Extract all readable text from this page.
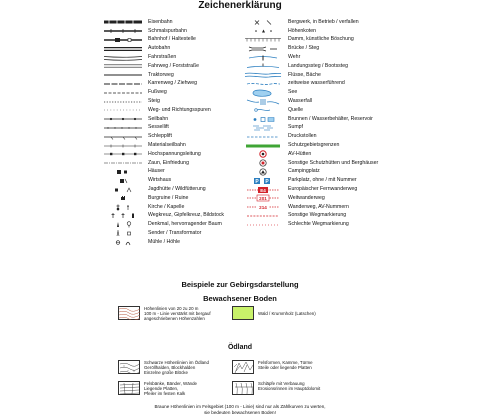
Zeichenerklärung
Eisenbahn
Schmalspurbahn
Bahnhof / Haltestelle
Autobahn
Fahrstraßen
Fahrweg / Forststraße
Traktorweg
Karrenweg / Ziehweg
Fußweg
Steig
Weg- und Richtungsspuren
Seilbahn
Sessellift
Schlepplift
Materialseilbahn
Hochspannungsleitung
Zaun, Einfriedung
Häuser
Wirtshaus
Jagdhütte / Wildfütterung
Burgruine / Ruine
Kirche / Kapelle
Wegkreuz, Gipfelkreuz, Bildstock
Denkmal, hervorragender Baum
Sender / Transformator
Mühle / Höhle
Bergwerk, in Betrieb / verfallen
Höhenkoten
Damm, künstliche Böschung
Brücke / Steg
Wehr
Landungssteg / Bootssteg
Flüsse, Bäche
zeitweise wasserführend
See
Wasserfall
Quelle
Brunnen / Wasserbehälter, Reservoir
Sumpf
Druckstollen
Schutzgebietsgrenzen
AV-Hütten
Sonstige Schutzhütten und Berghäuser
Campingplatz
P P	Parkplatz, ohne / mit Nummer
E4	Europäischer Fernwanderweg
201	Weitwanderweg
214	Wanderweg, AV-Nummern
Sonstige Wegmarkierung
Schlechte Wegmarkierung
Beispiele zur Gebirgsdarstellung
Bewachsener Boden
Höhenlinien von 20 zu 20 m
100 m - Linie verstärkt mit bergauf
angeschriebenen Höhenzahlen
Wald / Krummholz (Latschen)
Ödland
Schwarze Höhenlinien im Ödland
Geröllhalden, Blockhalden
Einzelne große Blöcke
Felsformen, Kamme, Türme
Steile oder liegende Platten
Felsbänke, Bänder, Wände
Liegende Platten,
Pfeiler im festen Kalk
Schläpfe mit Verbauung
Erosionsrinnen im Hauptdolomit
Braune Höhenlinien im Felsgebiet (100 m - Linie) sind nur als Zählkurven zu werten,
sie bedeuten bewachsenen Boden!
